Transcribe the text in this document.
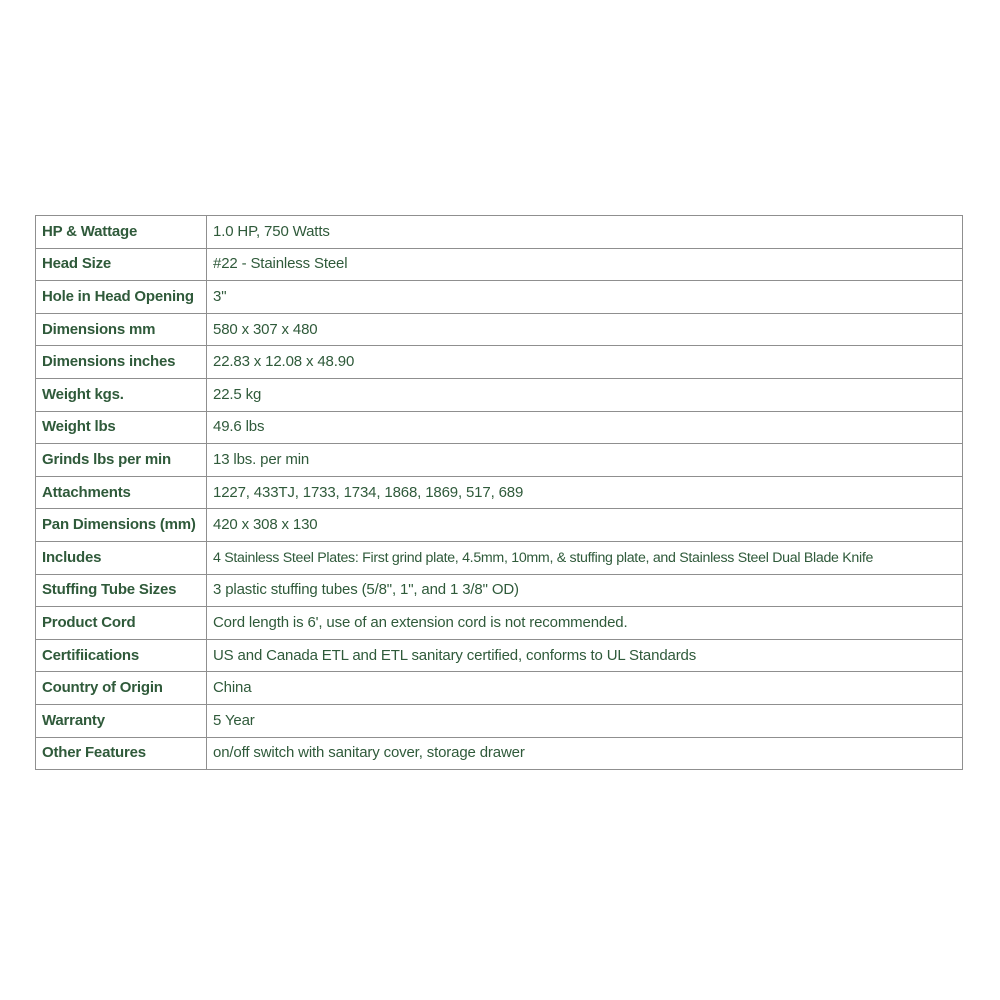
HP & Wattage	1.0 HP, 750 Watts
Head Size	#22 - Stainless Steel
Hole in Head Opening	3"
Dimensions mm	580 x 307 x 480
Dimensions inches	22.83 x 12.08 x 48.90
Weight kgs.	22.5 kg
Weight lbs	49.6 lbs
Grinds lbs per min	13 lbs. per min
Attachments	1227, 433TJ, 1733, 1734, 1868, 1869, 517, 689
Pan Dimensions (mm)	420 x 308 x 130
Includes	4 Stainless Steel Plates: First grind plate, 4.5mm, 10mm, & stuffing plate, and Stainless Steel Dual Blade Knife
Stuffing Tube Sizes	3 plastic stuffing tubes (5/8", 1", and 1 3/8" OD)
Product Cord	Cord length is 6', use of an extension cord is not recommended.
Certifiications	US and Canada ETL and ETL sanitary certified, conforms to UL Standards
Country of Origin	China
Warranty	5 Year
Other Features	on/off switch with sanitary cover, storage drawer
